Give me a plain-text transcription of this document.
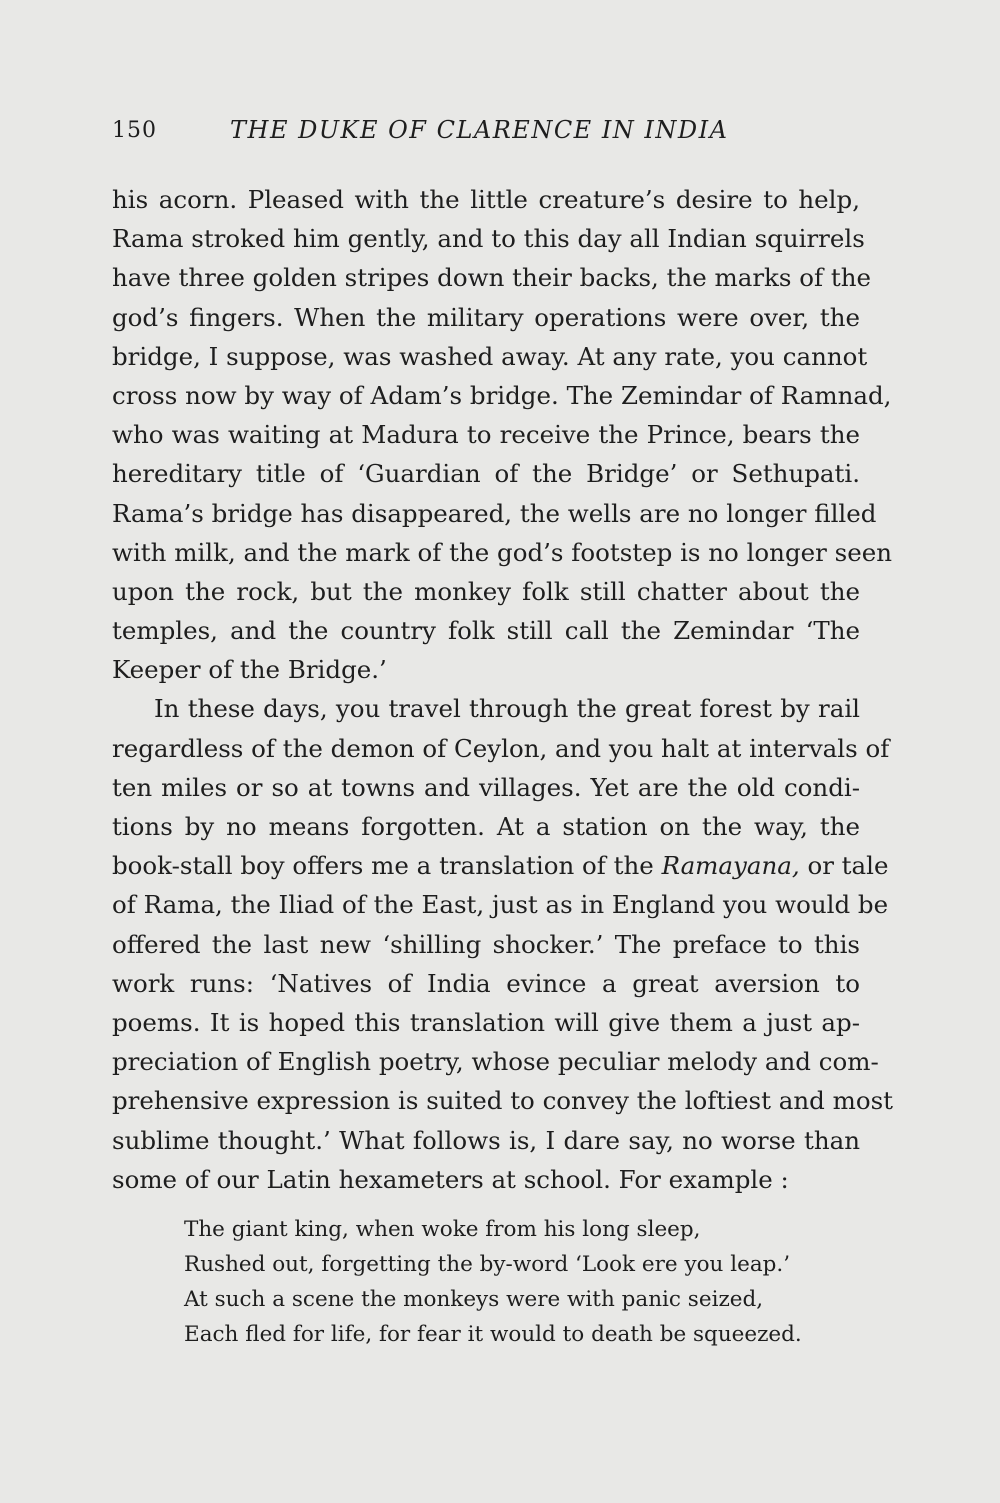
150	THE DUKE OF CLARENCE IN INDIA

his acorn. Pleased with the little creature’s desire to help,
Rama stroked him gently, and to this day all Indian squirrels
have three golden stripes down their backs, the marks of the
god’s fingers. When the military operations were over, the
bridge, I suppose, was washed away. At any rate, you cannot
cross now by way of Adam’s bridge. The Zemindar of Ramnad,
who was waiting at Madura to receive the Prince, bears the
hereditary title of ‘Guardian of the Bridge’ or Sethupati.
Rama’s bridge has disappeared, the wells are no longer filled
with milk, and the mark of the god’s footstep is no longer seen
upon the rock, but the monkey folk still chatter about the
temples, and the country folk still call the Zemindar ‘The
Keeper of the Bridge.’

In these days, you travel through the great forest by rail
regardless of the demon of Ceylon, and you halt at intervals of
ten miles or so at towns and villages. Yet are the old condi-
tions by no means forgotten. At a station on the way, the
book-stall boy offers me a translation of the Ramayana, or tale
of Rama, the Iliad of the East, just as in England you would be
offered the last new ‘shilling shocker.’ The preface to this
work runs: ‘Natives of India evince a great aversion to
poems. It is hoped this translation will give them a just ap-
preciation of English poetry, whose peculiar melody and com-
prehensive expression is suited to convey the loftiest and most
sublime thought.’ What follows is, I dare say, no worse than
some of our Latin hexameters at school. For example :

The giant king, when woke from his long sleep,
Rushed out, forgetting the by-word ‘Look ere you leap.’
At such a scene the monkeys were with panic seized,
Each fled for life, for fear it would to death be squeezed.
